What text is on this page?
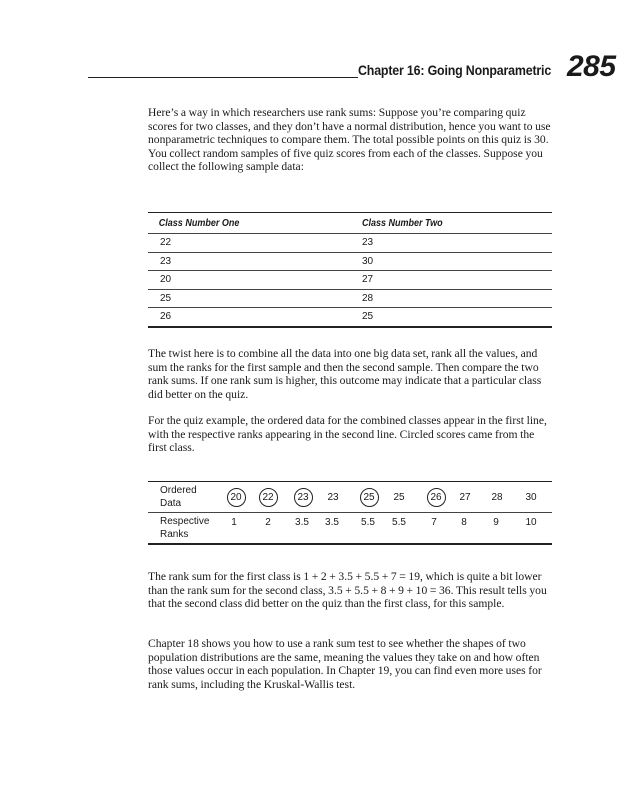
Chapter 16: Going Nonparametric 285

Here’s a way in which researchers use rank sums: Suppose you’re comparing quiz scores for two classes, and they don’t have a normal distribution, hence you want to use nonparametric techniques to compare them. The total possible points on this quiz is 30. You collect random samples of five quiz scores from each of the classes. Suppose you collect the following sample data:

Class Number One	Class Number Two
22	23
23	30
20	27
25	28
26	25

The twist here is to combine all the data into one big data set, rank all the values, and sum the ranks for the first sample and then the second sample. Then compare the two rank sums. If one rank sum is higher, this outcome may indicate that a particular class did better on the quiz.

For the quiz example, the ordered data for the combined classes appear in the first line, with the respective ranks appearing in the second line. Circled scores came from the first class.

Ordered
Data
20	22	23	23	25	25	26	27 28 30
Respective
Ranks
1	2	3.5	3.5	5.5	5.5	7	8	9	10

The rank sum for the first class is 1 + 2 + 3.5 + 5.5 + 7 = 19, which is quite a bit lower than the rank sum for the second class, 3.5 + 5.5 + 8 + 9 + 10 = 36. This result tells you that the second class did better on the quiz than the first class, for this sample.

Chapter 18 shows you how to use a rank sum test to see whether the shapes of two population distributions are the same, meaning the values they take on and how often those values occur in each population. In Chapter 19, you can find even more uses for rank sums, including the Kruskal-Wallis test.
